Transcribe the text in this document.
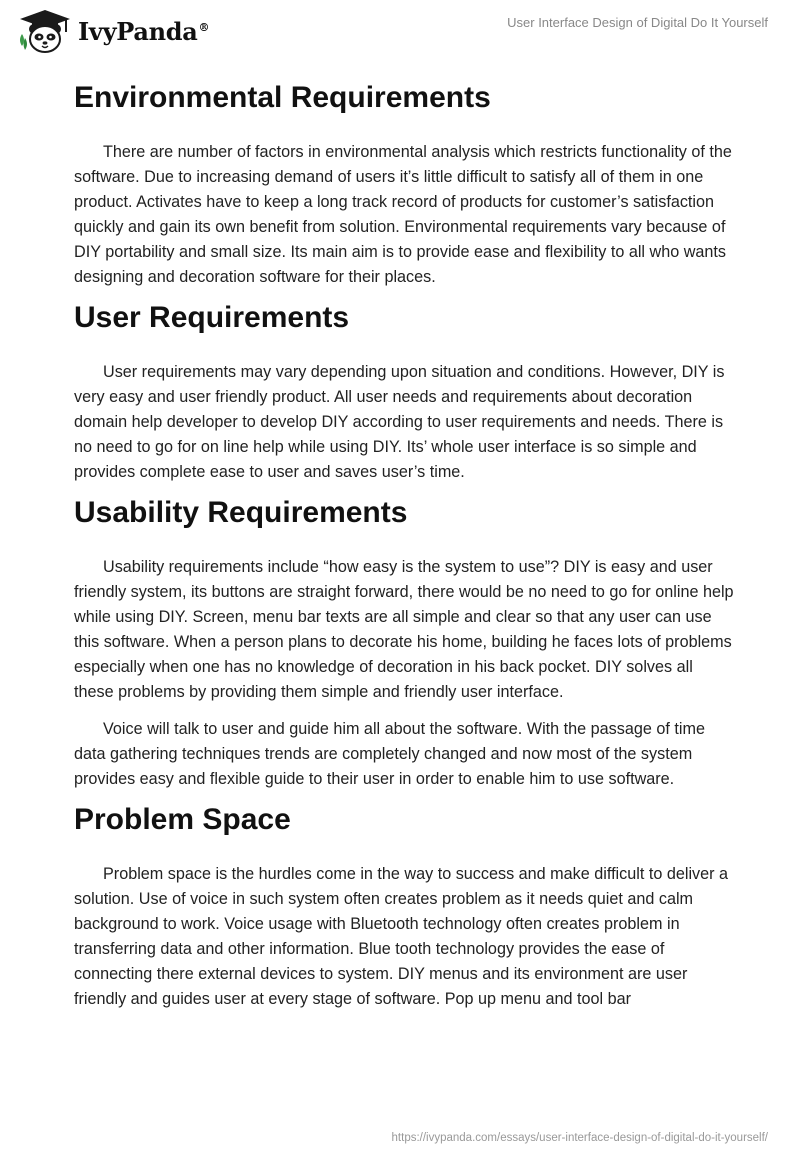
IvyPanda®	User Interface Design of Digital Do It Yourself
Environmental Requirements

There are number of factors in environmental analysis which restricts functionality of the software. Due to increasing demand of users it’s little difficult to satisfy all of them in one product. Activates have to keep a long track record of products for customer’s satisfaction quickly and gain its own benefit from solution. Environmental requirements vary because of DIY portability and small size. Its main aim is to provide ease and flexibility to all who wants designing and decoration software for their places.

User Requirements

User requirements may vary depending upon situation and conditions. However, DIY is very easy and user friendly product. All user needs and requirements about decoration domain help developer to develop DIY according to user requirements and needs. There is no need to go for on line help while using DIY. Its’ whole user interface is so simple and provides complete ease to user and saves user’s time.

Usability Requirements

Usability requirements include “how easy is the system to use”? DIY is easy and user friendly system, its buttons are straight forward, there would be no need to go for online help while using DIY. Screen, menu bar texts are all simple and clear so that any user can use this software. When a person plans to decorate his home, building he faces lots of problems especially when one has no knowledge of decoration in his back pocket. DIY solves all these problems by providing them simple and friendly user interface.

Voice will talk to user and guide him all about the software. With the passage of time data gathering techniques trends are completely changed and now most of the system provides easy and flexible guide to their user in order to enable him to use software.

Problem Space

Problem space is the hurdles come in the way to success and make difficult to deliver a solution. Use of voice in such system often creates problem as it needs quiet and calm background to work. Voice usage with Bluetooth technology often creates problem in transferring data and other information. Blue tooth technology provides the ease of connecting there external devices to system. DIY menus and its environment are user friendly and guides user at every stage of software. Pop up menu and tool bar

https://ivypanda.com/essays/user-interface-design-of-digital-do-it-yourself/
